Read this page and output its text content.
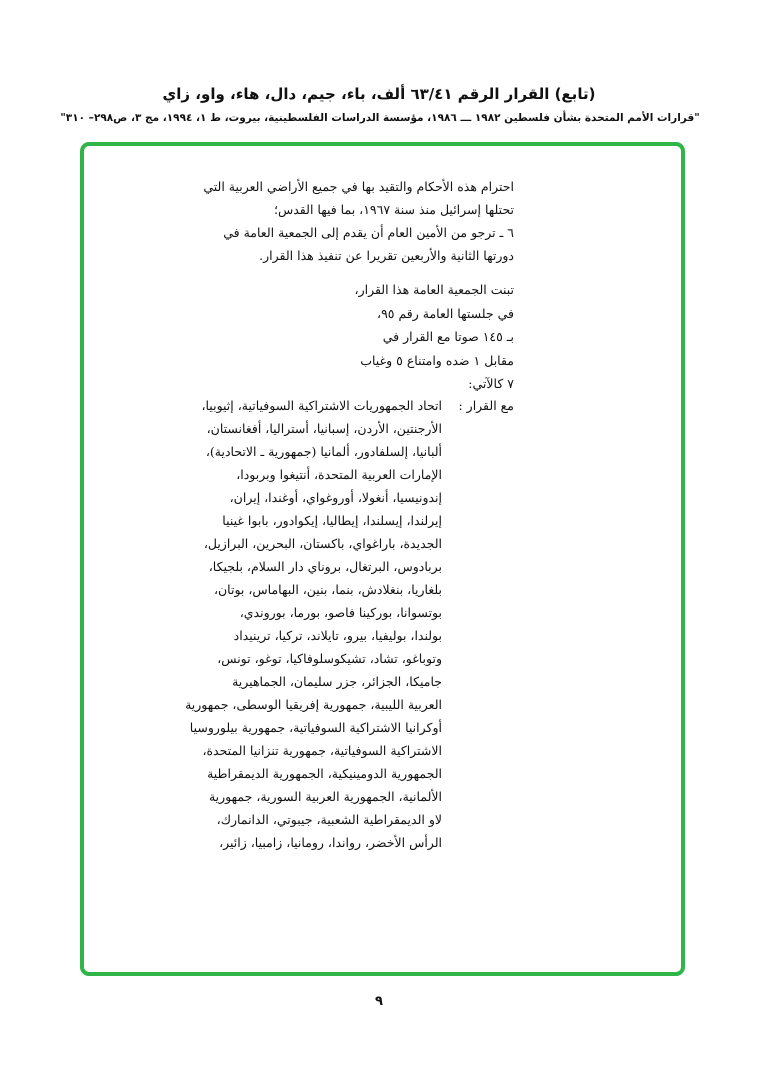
(تابع) القرار الرقم ٦٣/٤١ ألف، باء، جيم، دال، هاء، واو، زاي
"قرارات الأمم المتحدة بشأن فلسطين ١٩٨٢ ـــ ١٩٨٦، مؤسسة الدراسات الفلسطينية، بيروت، ط ١، ١٩٩٤، مج ٣، ص٢٩٨– ٣١٠"

احترام هذه الأحكام والتقيد بها في جميع الأراضي العربية التي

تحتلها إسرائيل منذ سنة ١٩٦٧، بما فيها القدس؛

٦ ـ ترجو من الأمين العام أن يقدم إلى الجمعية العامة في

دورتها الثانية والأربعين تقريرا عن تنفيذ هذا القرار.

تبنت الجمعية العامة هذا القرار،

في جلستها العامة رقم ٩٥،

بـ ١٤٥ صوتا مع القرار في

مقابل ١ ضده وامتناع ٥ وغياب

٧ كالآتي:

مع القرار :

اتحاد الجمهوريات الاشتراكية السوفياتية، إثيوبيا،

الأرجنتين، الأردن، إسبانيا، أستراليا، أفغانستان،

ألبانيا، إلسلفادور، ألمانيا (جمهورية ـ الاتحادية)،

الإمارات العربية المتحدة، أنتيغوا وبربودا،

إندونيسيا، أنغولا، أوروغواي، أوغندا، إيران،

إيرلندا، إيسلندا، إيطاليا، إيكوادور، بابوا غينيا

الجديدة، باراغواي، باكستان، البحرين، البرازيل،

بربادوس، البرتغال، بروناي دار السلام، بلجيكا،

بلغاريا، بنغلادش، بنما، بنين، البهاماس، بوتان،

بوتسوانا، بوركينا فاصو، بورما، بوروندي،

بولندا، بوليفيا، بيرو، تايلاند، تركيا، ترينيداد

وتوباغو، تشاد، تشيكوسلوفاكيا، توغو، تونس،

جاميكا، الجزائر، جزر سليمان، الجماهيرية

العربية الليبية، جمهورية إفريقيا الوسطى، جمهورية

أوكرانيا الاشتراكية السوفياتية، جمهورية بيلوروسيا

الاشتراكية السوفياتية، جمهورية تنزانيا المتحدة،

الجمهورية الدومينيكية، الجمهورية الديمقراطية

الألمانية، الجمهورية العربية السورية، جمهورية

لاو الديمقراطية الشعبية، جيبوتي، الدانمارك،

الرأس الأخضر، رواندا، رومانيا، زامبيا، زائير،

٩
